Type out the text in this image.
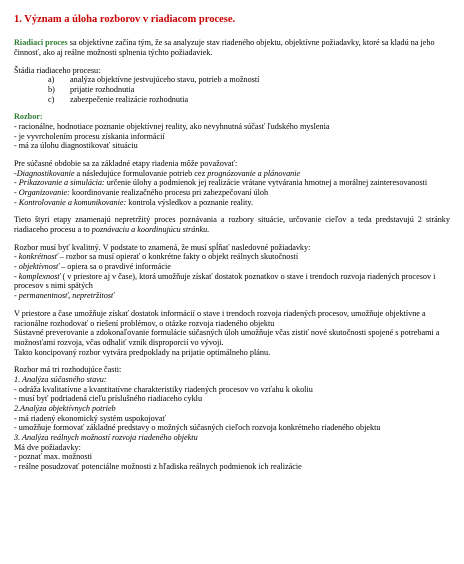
1. Význam a úloha rozborov v riadiacom procese.

Riadiaci proces sa objektívne začína tým, že sa analyzuje stav riadeného objektu, objektívne požiadavky, ktoré sa kladú na jeho činnosť, ako aj reálne možnosti splnenia týchto požiadaviek.

Štádia riadiaceho procesu:

a)	analýza objektívne jestvujúceho stavu, potrieb a možností
b)	prijatie rozhodnutia
c)	zabezpečenie realizácie rozhodnutia

Rozbor:

- racionálne, hodnotiace poznanie objektívnej reality, ako nevyhnutná súčasť ľudského myslenia

- je vyvrcholením procesu získania informácií

- má za úlohu diagnostikovať situáciu

Pre súčasné obdobie sa za základné etapy riadenia môže považovať:

-Diagnostikovanie a následujúce formulovanie potrieb cez prognózovanie a plánovanie

- Prikazovanie a simulácia: určenie úlohy a podmienok jej realizácie vrátane vytvárania hmotnej a morálnej zainteresovanosti

- Organizovanie: koordinovanie realizačného procesu pri zabezpečovaní úloh

- Kontrolovanie a komunikovanie: kontrola výsledkov a poznanie reality.

Tieto štyri etapy znamenajú nepretržitý proces poznávania a rozbory situácie, určovanie cieľov a teda predstavujú 2 stránky riadiaceho procesu a to poznávaciu a koordinujúcu stránku.

Rozbor musí byť kvalitný. V podstate to znamená, že musí spĺňať nasledovné požiadavky:

- konkrétnosť – rozbor sa musí opierať o konkrétne fakty o objekt reálnych skutočností

- objektívnosť – opiera sa o pravdivé informácie

- komplexnosť ( v priestore aj v čase), ktorá umožňuje získať dostatok poznatkov o stave i trendoch rozvoja riadených procesov i procesov s nimi spätých

- permanentnosť, nepretržitosť

V priestore a čase umožňuje získať dostatok informácií o stave i trendoch rozvoja riadených procesov, umožňuje objektívne a racionálne rozhodovať o riešení problémov, o otázke rozvoja riadeného objektu

Sústavné preverovanie a zdokonaľovanie formulácie súčasných úloh umožňuje včas zistiť nové skutočnosti spojené s potrebami a možnosťami rozvoja, včas odhaliť vznik disproporcií vo vývoji.

Takto koncipovaný rozbor vytvára predpoklady na prijatie optimálneho plánu.

Rozbor má tri rozhodujúce časti:

1. Analýza súčasného stavu:

- odráža kvalitatívne a kvantitatívne charakteristiky riadených procesov vo vzťahu k okoliu

- musí byť podriadená cieľu príslušného riadiaceho cyklu

2.Analýza objektívnych potrieb

- má riadený ekonomický systém uspokojovať

- umožňuje formovať základné predstavy o možných súčasných cieľoch rozvoja konkrétneho riadeného objektu

3. Analýza reálnych možností rozvoja riadeného objektu

Má dve požiadavky:

- poznať max. možnosti

- reálne posudzovať potenciálne možnosti z hľadiska reálnych podmienok ich realizácie
